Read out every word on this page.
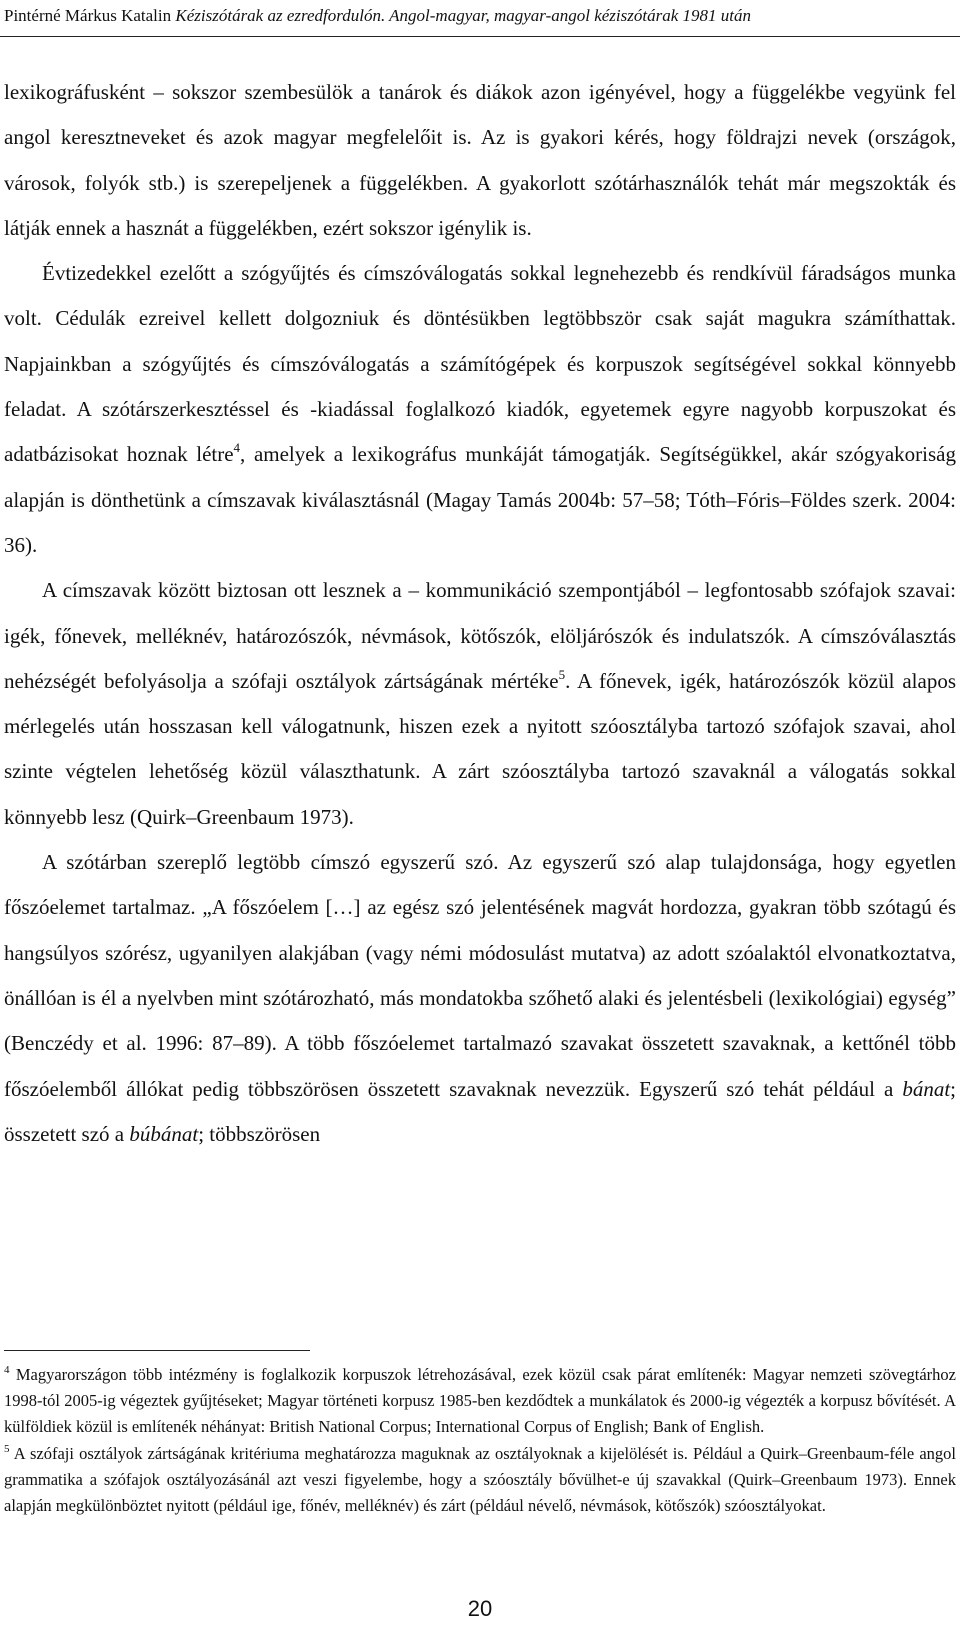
Pintérné Márkus Katalin Kéziszótárak az ezredfordulón. Angol-magyar, magyar-angol kéziszótárak 1981 után

lexikográfusként – sokszor szembesülök a tanárok és diákok azon igényével, hogy a függelékbe vegyünk fel angol keresztneveket és azok magyar megfelelőit is. Az is gyakori kérés, hogy földrajzi nevek (országok, városok, folyók stb.) is szerepeljenek a függelékben. A gyakorlott szótárhasználók tehát már megszokták és látják ennek a hasznát a függelékben, ezért sokszor igénylik is.

Évtizedekkel ezelőtt a szógyűjtés és címszóválogatás sokkal legnehezebb és rendkívül fáradságos munka volt. Cédulák ezreivel kellett dolgozniuk és döntésükben legtöbbször csak saját magukra számíthattak. Napjainkban a szógyűjtés és címszóválogatás a számítógépek és korpuszok segítségével sokkal könnyebb feladat. A szótárszerkesztéssel és -kiadással foglalkozó kiadók, egyetemek egyre nagyobb korpuszokat és adatbázisokat hoznak létre$^4$, amelyek a lexikográfus munkáját támogatják. Segítségükkel, akár szógyakoriság alapján is dönthetünk a címszavak kiválasztásnál (Magay Tamás 2004b: 57–58; Tóth–Fóris–Földes szerk. 2004: 36).

A címszavak között biztosan ott lesznek a – kommunikáció szempontjából – legfontosabb szófajok szavai: igék, főnevek, melléknév, határozószók, névmások, kötőszók, elöljárószók és indulatszók. A címszóválasztás nehézségét befolyásolja a szófaji osztályok zártságának mértéke$^5$. A főnevek, igék, határozószók közül alapos mérlegelés után hosszasan kell válogatnunk, hiszen ezek a nyitott szóosztályba tartozó szófajok szavai, ahol szinte végtelen lehetőség közül választhatunk. A zárt szóosztályba tartozó szavaknál a válogatás sokkal könnyebb lesz (Quirk–Greenbaum 1973).

A szótárban szereplő legtöbb címszó egyszerű szó. Az egyszerű szó alap tulajdonsága, hogy egyetlen főszóelemet tartalmaz. „A főszóelem […] az egész szó jelentésének magvát hordozza, gyakran több szótagú és hangsúlyos szórész, ugyanilyen alakjában (vagy némi módosulást mutatva) az adott szóalaktól elvonatkoztatva, önállóan is él a nyelvben mint szótározható, más mondatokba szőhető alaki és jelentésbeli (lexikológiai) egység” (Benczédy et al. 1996: 87–89). A több főszóelemet tartalmazó szavakat összetett szavaknak, a kettőnél több főszóelemből állókat pedig többszörösen összetett szavaknak nevezzük. Egyszerű szó tehát például a bánat; összetett szó a búbánat; többszörösen

$^4$ Magyarországon több intézmény is foglalkozik korpuszok létrehozásával, ezek közül csak párat említenék: Magyar nemzeti szövegtárhoz 1998-tól 2005-ig végeztek gyűjtéseket; Magyar történeti korpusz 1985-ben kezdődtek a munkálatok és 2000-ig végezték a korpusz bővítését. A külföldiek közül is említenék néhányat: British National Corpus; International Corpus of English; Bank of English.

$^5$ A szófaji osztályok zártságának kritériuma meghatározza maguknak az osztályoknak a kijelölését is. Például a Quirk–Greenbaum-féle angol grammatika a szófajok osztályozásánál azt veszi figyelembe, hogy a szóosztály bővülhet-e új szavakkal (Quirk–Greenbaum 1973). Ennek alapján megkülönböztet nyitott (például ige, főnév, melléknév) és zárt (például névelő, névmások, kötőszók) szóosztályokat.

20
